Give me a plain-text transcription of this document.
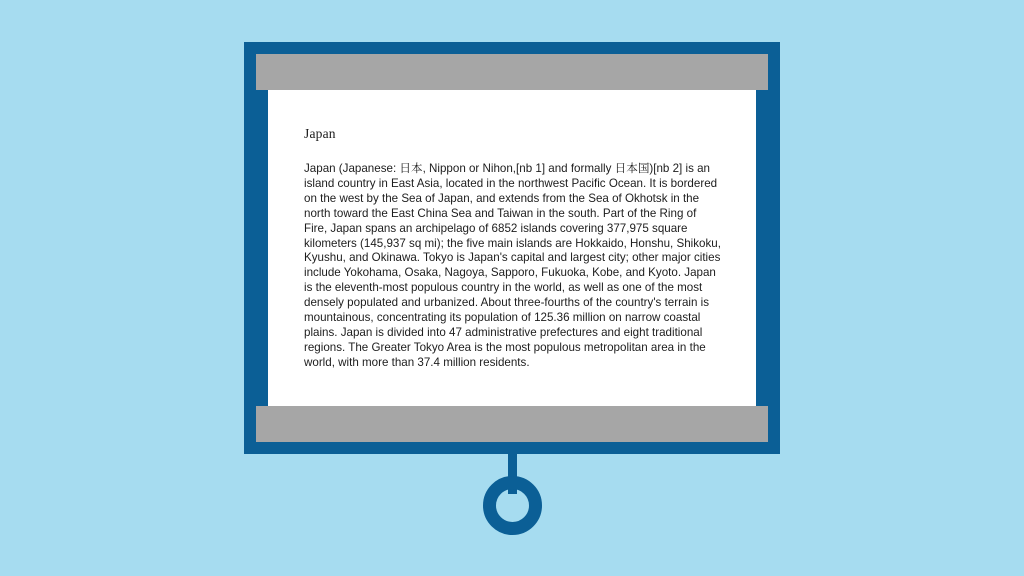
Japan

Japan (Japanese: 日本, Nippon or Nihon,[nb 1] and formally 日本国)[nb 2] is an island country in East Asia, located in the northwest Pacific Ocean. It is bordered on the west by the Sea of Japan, and extends from the Sea of Okhotsk in the north toward the East China Sea and Taiwan in the south. Part of the Ring of Fire, Japan spans an archipelago of 6852 islands covering 377,975 square kilometers (145,937 sq mi); the five main islands are Hokkaido, Honshu, Shikoku, Kyushu, and Okinawa. Tokyo is Japan's capital and largest city; other major cities include Yokohama, Osaka, Nagoya, Sapporo, Fukuoka, Kobe, and Kyoto. Japan is the eleventh-most populous country in the world, as well as one of the most densely populated and urbanized. About three-fourths of the country's terrain is mountainous, concentrating its population of 125.36 million on narrow coastal plains. Japan is divided into 47 administrative prefectures and eight traditional regions. The Greater Tokyo Area is the most populous metropolitan area in the world, with more than 37.4 million residents.
